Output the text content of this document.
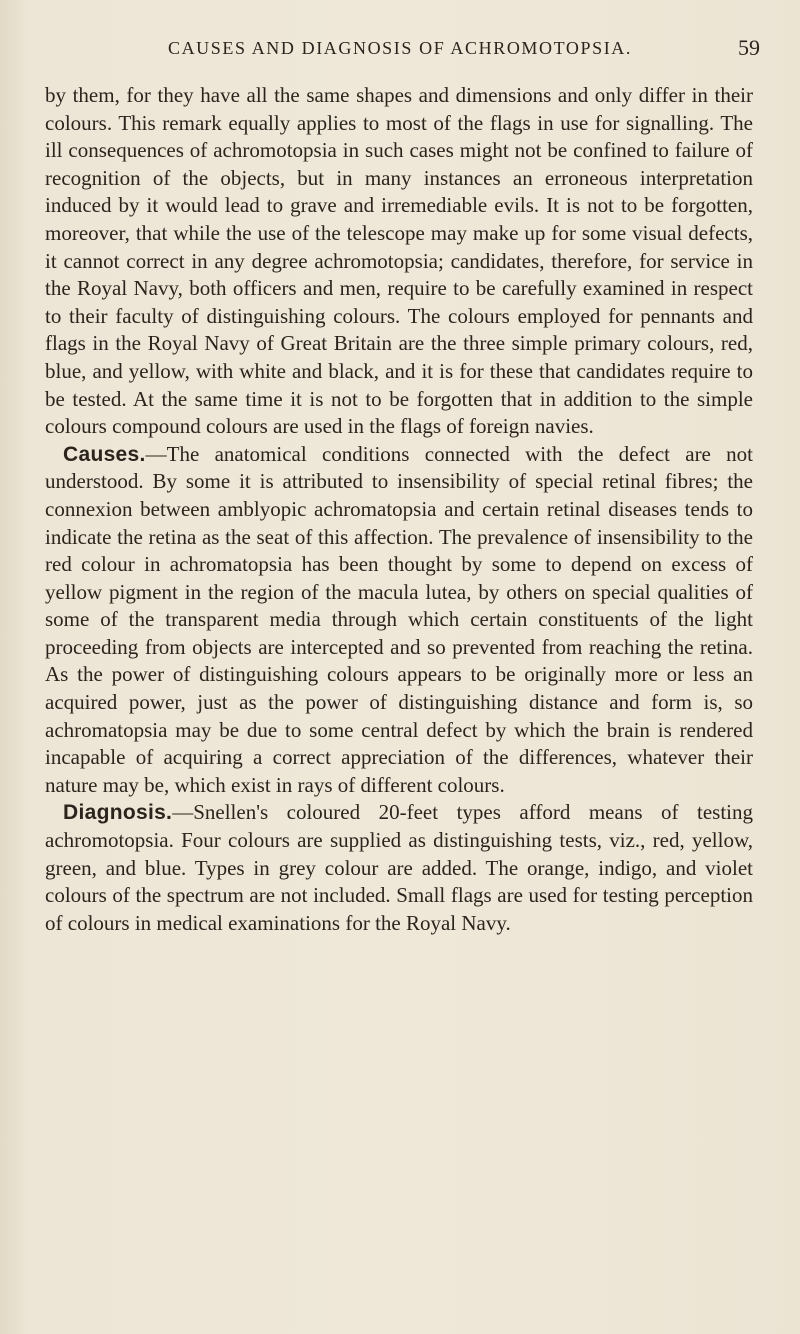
CAUSES AND DIAGNOSIS OF ACHROMOTOPSIA.	59

by them, for they have all the same shapes and dimensions and only differ in their colours. This remark equally applies to most of the flags in use for signalling. The ill consequences of achromotopsia in such cases might not be confined to failure of recognition of the objects, but in many instances an erroneous interpretation induced by it would lead to grave and irremediable evils. It is not to be forgotten, moreover, that while the use of the telescope may make up for some visual defects, it cannot correct in any degree achromotopsia; candidates, therefore, for service in the Royal Navy, both officers and men, require to be carefully examined in respect to their faculty of distinguishing colours. The colours employed for pennants and flags in the Royal Navy of Great Britain are the three simple primary colours, red, blue, and yellow, with white and black, and it is for these that candidates require to be tested. At the same time it is not to be forgotten that in addition to the simple colours compound colours are used in the flags of foreign navies.

Causes.—The anatomical conditions connected with the defect are not understood. By some it is attributed to insensibility of special retinal fibres; the connexion between amblyopic achromatopsia and certain retinal diseases tends to indicate the retina as the seat of this affection. The prevalence of insensibility to the red colour in achromatopsia has been thought by some to depend on excess of yellow pigment in the region of the macula lutea, by others on special qualities of some of the transparent media through which certain constituents of the light proceeding from objects are intercepted and so prevented from reaching the retina. As the power of distinguishing colours appears to be originally more or less an acquired power, just as the power of distinguishing distance and form is, so achromatopsia may be due to some central defect by which the brain is rendered incapable of acquiring a correct appreciation of the differences, whatever their nature may be, which exist in rays of different colours.

Diagnosis.—Snellen's coloured 20-feet types afford means of testing achromotopsia. Four colours are supplied as distinguishing tests, viz., red, yellow, green, and blue. Types in grey colour are added. The orange, indigo, and violet colours of the spectrum are not included. Small flags are used for testing perception of colours in medical examinations for the Royal Navy.
